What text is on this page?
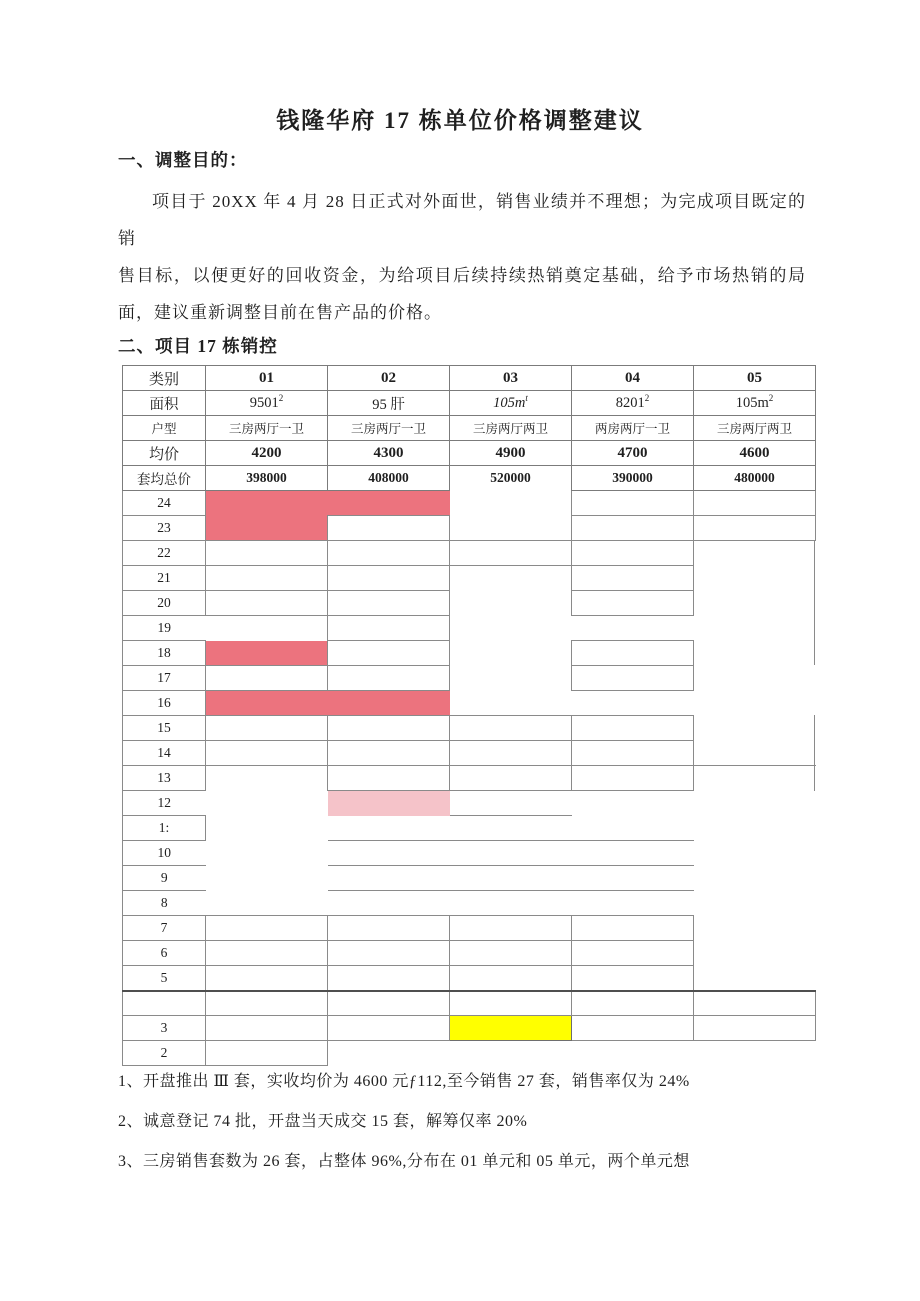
钱隆华府 17 栋单位价格调整建议
一、调整目的：
项目于 20XX 年 4 月 28 日正式对外面世，销售业绩并不理想；为完成项目既定的销
售目标，以便更好的回收资金，为给项目后续持续热销奠定基础，给予市场热销的局
面，建议重新调整目前在售产品的价格。
二、项目 17 栋销控
类别	01	02	03	04	05
面积	9501$^2$	95 肝	$105m^t$	8201$^2$	$105m^2$
户型	三房两厅一卫	三房两厅一卫	三房两厅两卫	两房两厅一卫	三房两厅两卫
均价	4200	4300	4900	4700	4600
套均总价	398000	408000	520000	390000	480000
24					
23					
22					
21					
20					
19					
18					
17					
16					
15					
14					
13					
12					
1:					
10					
9					
8					
7					
6					
5					

3					
2					
1、开盘推出 Ⅲ 套，实收均价为 4600 元ƒ112,至今销售 27 套，销售率仅为 24%
2、诚意登记 74 批，开盘当天成交 15 套，解筹仅率 20%
3、三房销售套数为 26 套，占整体 96%,分布在 01 单元和 05 单元，两个单元想
